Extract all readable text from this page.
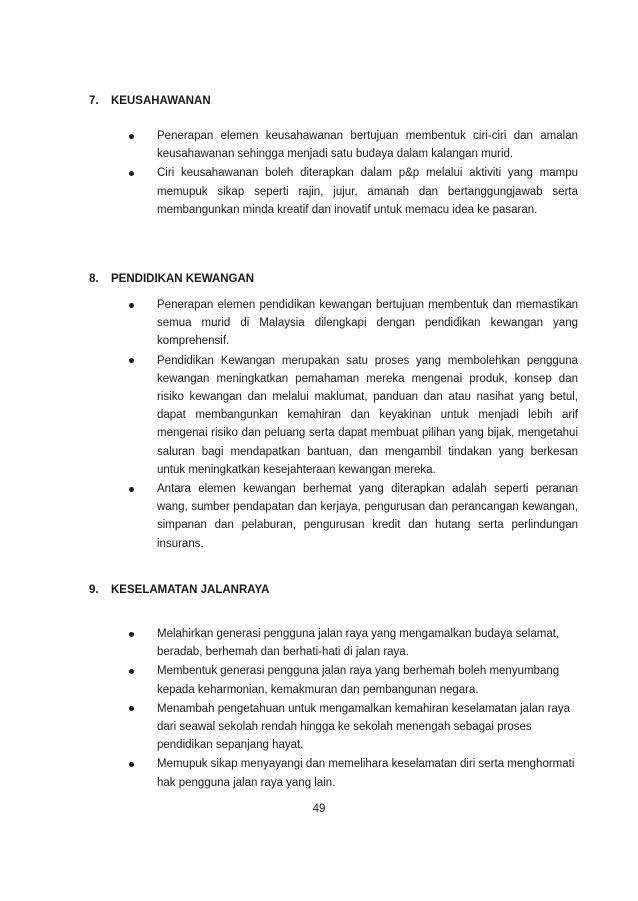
7. KEUSAHAWANAN
Penerapan elemen keusahawanan bertujuan membentuk ciri-ciri dan amalan keusahawanan sehingga menjadi satu budaya dalam kalangan murid.
Ciri keusahawanan boleh diterapkan dalam p&p melalui aktiviti yang mampu memupuk sikap seperti rajin, jujur, amanah dan bertanggungjawab serta membangunkan minda kreatif dan inovatif untuk memacu idea ke pasaran.
8. PENDIDIKAN KEWANGAN
Penerapan elemen pendidikan kewangan bertujuan membentuk dan memastikan semua murid di Malaysia dilengkapi dengan pendidikan kewangan yang komprehensif.
Pendidikan Kewangan merupakan satu proses yang membolehkan pengguna kewangan meningkatkan pemahaman mereka mengenai produk, konsep dan risiko kewangan dan melalui maklumat, panduan dan atau nasihat yang betul, dapat membangunkan kemahiran dan keyakinan untuk menjadi lebih arif mengenai risiko dan peluang serta dapat membuat pilihan yang bijak, mengetahui saluran bagi mendapatkan bantuan, dan mengambil tindakan yang berkesan untuk meningkatkan kesejahteraan kewangan mereka.
Antara elemen kewangan berhemat yang diterapkan adalah seperti peranan wang, sumber pendapatan dan kerjaya, pengurusan dan perancangan kewangan, simpanan dan pelaburan, pengurusan kredit dan hutang serta perlindungan insurans.
9. KESELAMATAN JALANRAYA
Melahirkan generasi pengguna jalan raya yang mengamalkan budaya selamat, beradab, berhemah dan berhati-hati di jalan raya.
Membentuk generasi pengguna jalan raya yang berhemah boleh menyumbang kepada keharmonian, kemakmuran dan pembangunan negara.
Menambah pengetahuan untuk mengamalkan kemahiran keselamatan jalan raya dari seawal sekolah rendah hingga ke sekolah menengah sebagai proses pendidikan sepanjang hayat.
Memupuk sikap menyayangi dan memelihara keselamatan diri serta menghormati hak pengguna jalan raya yang lain.
49
